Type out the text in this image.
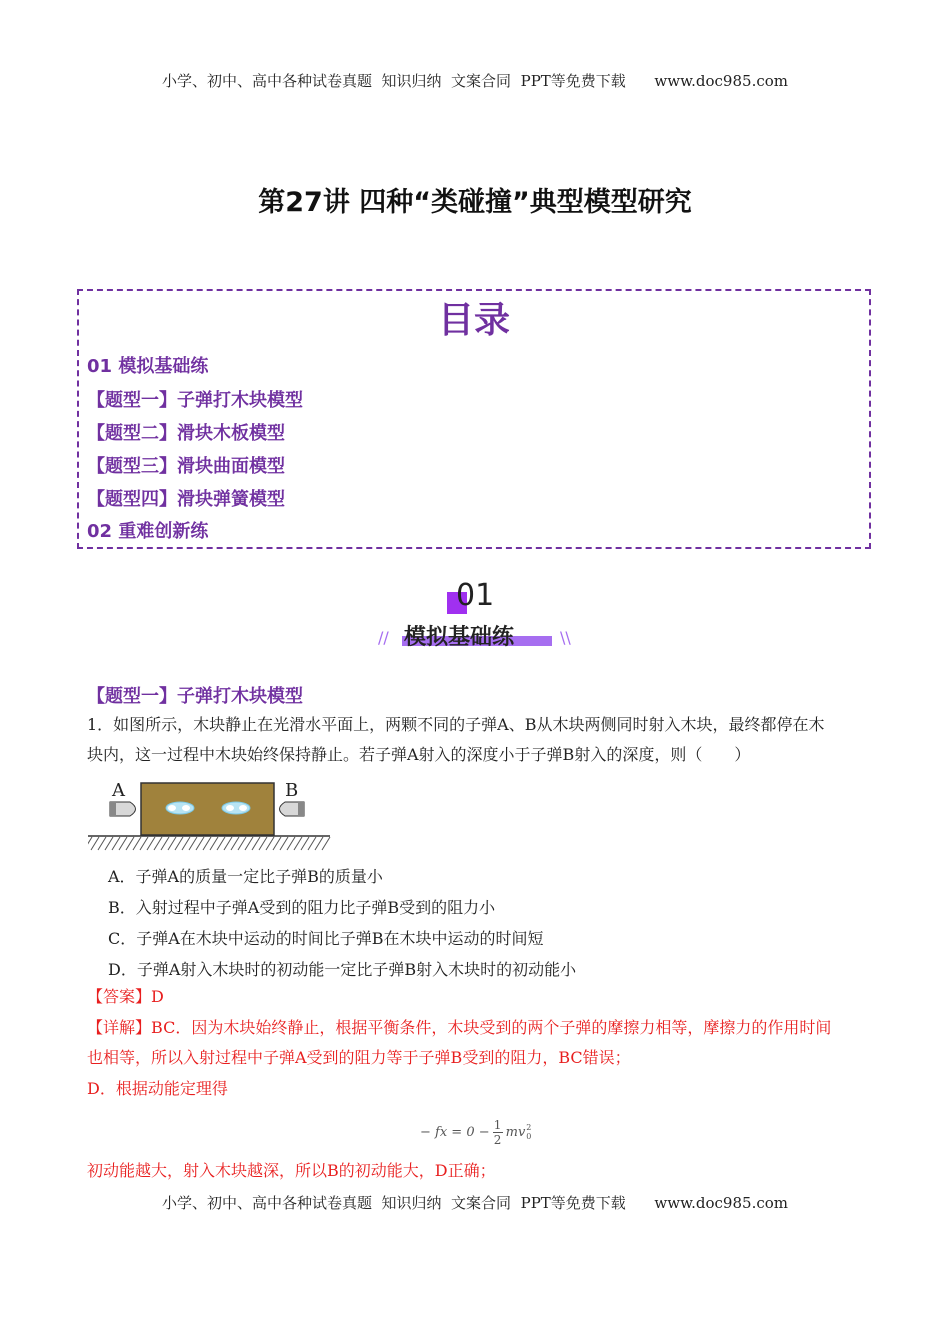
小学、初中、高中各种试卷真题  知识归纳  文案合同  PPT等免费下载      www.doc985.com
第27讲 四种“类碰撞”典型模型研究
目录
01 模拟基础练
【题型一】子弹打木块模型
【题型二】滑块木板模型
【题型三】滑块曲面模型
【题型四】滑块弹簧模型
02 重难创新练
01
模拟基础练
//	\\
【题型一】子弹打木块模型
1．如图所示，木块静止在光滑水平面上，两颗不同的子弹A、B从木块两侧同时射入木块，最终都停在木
块内，这一过程中木块始终保持静止。若子弹A射入的深度小于子弹B射入的深度，则（　　）
A	B
A．子弹A的质量一定比子弹B的质量小
B．入射过程中子弹A受到的阻力比子弹B受到的阻力小
C．子弹A在木块中运动的时间比子弹B在木块中运动的时间短
D．子弹A射入木块时的初动能一定比子弹B射入木块时的初动能小
【答案】D
【详解】BC．因为木块始终静止，根据平衡条件，木块受到的两个子弹的摩擦力相等，摩擦力的作用时间
也相等，所以入射过程中子弹A受到的阻力等于子弹B受到的阻力，BC错误；
D．根据动能定理得
− fx = 0 − 1
2 mv 2
0
初动能越大，射入木块越深，所以B的初动能大，D正确；
小学、初中、高中各种试卷真题  知识归纳  文案合同  PPT等免费下载      www.doc985.com
